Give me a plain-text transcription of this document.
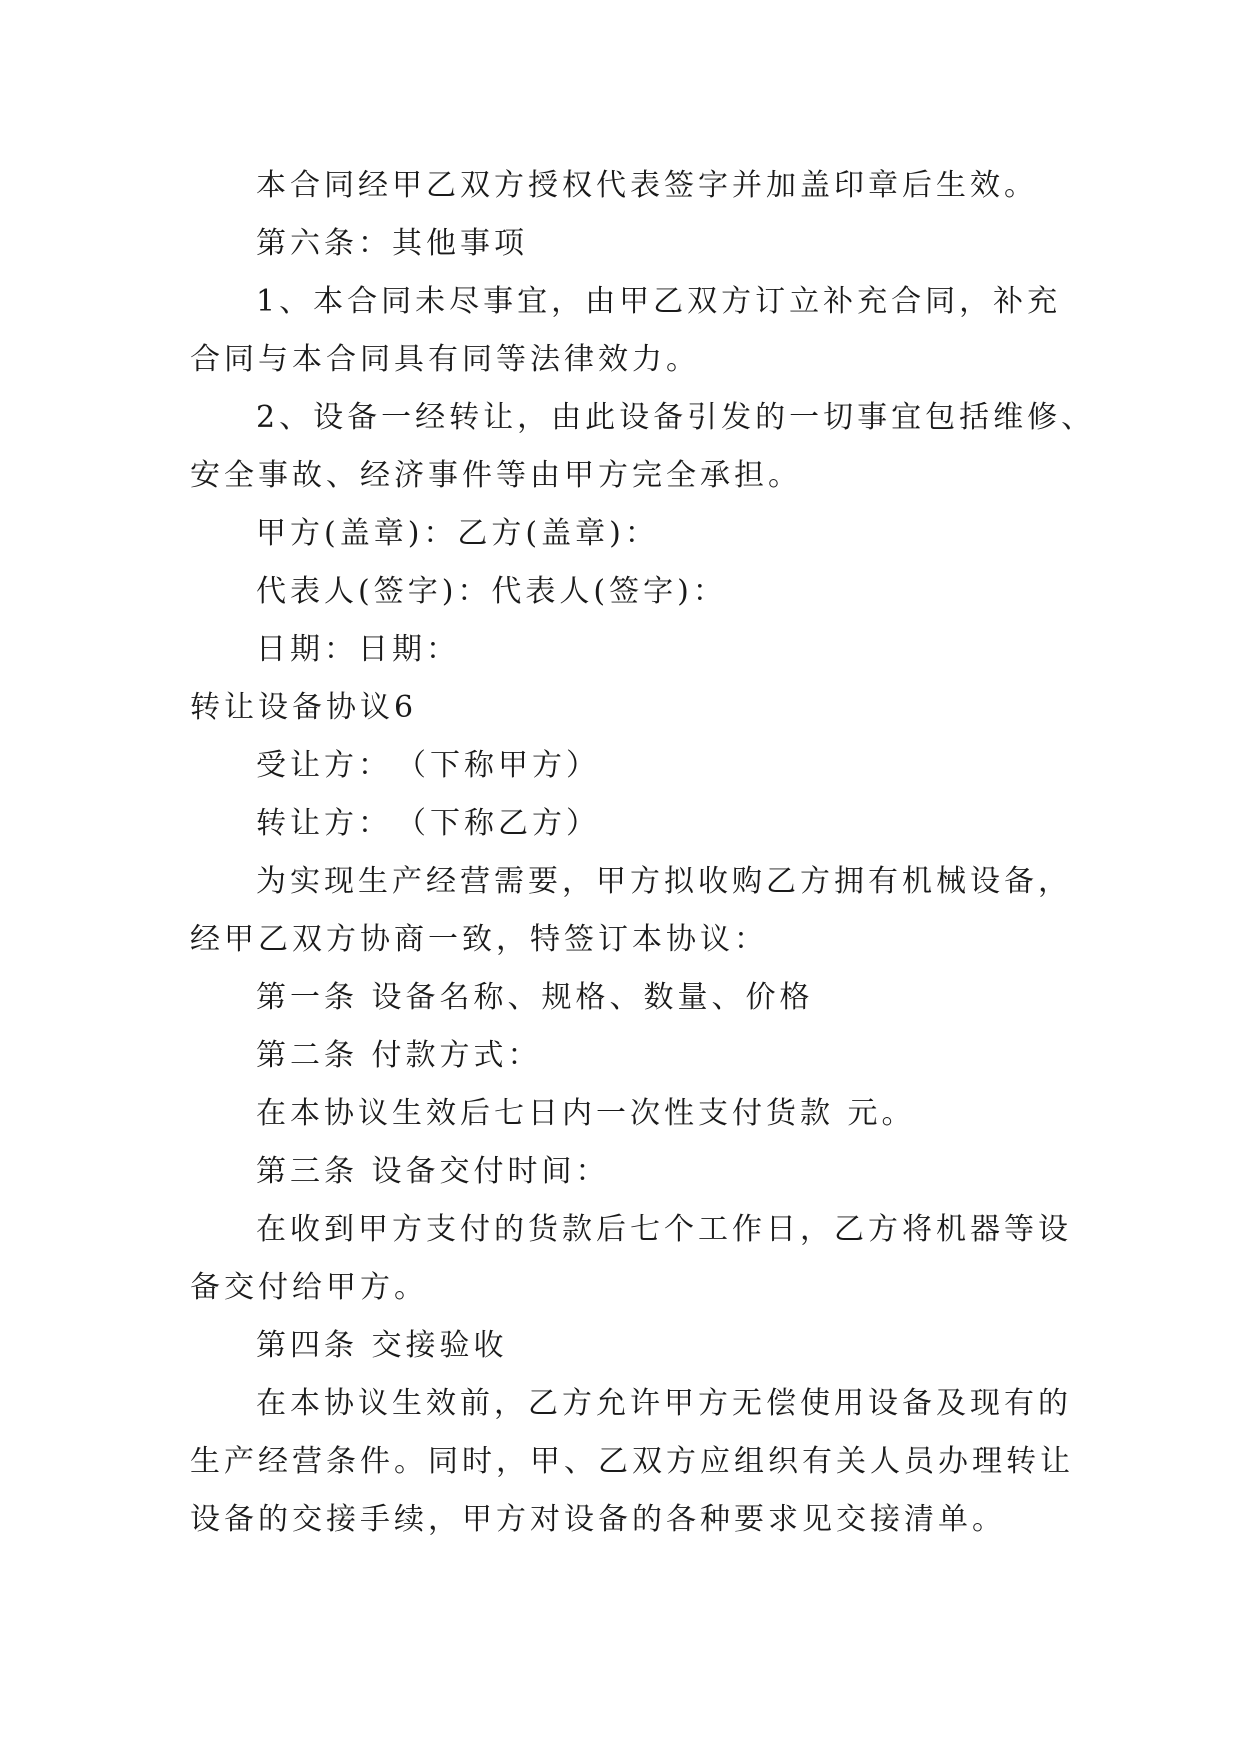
本合同经甲乙双方授权代表签字并加盖印章后生效。
第六条：其他事项
1、本合同未尽事宜，由甲乙双方订立补充合同，补充
合同与本合同具有同等法律效力。
2、设备一经转让，由此设备引发的一切事宜包括维修、
安全事故、经济事件等由甲方完全承担。
甲方(盖章)：乙方(盖章)：
代表人(签字)：代表人(签字)：
日期：日期：
转让设备协议6
受让方：　（下称甲方）
转让方：　（下称乙方）
为实现生产经营需要，甲方拟收购乙方拥有机械设备，
经甲乙双方协商一致，特签订本协议：
第一条 设备名称、规格、数量、价格
第二条 付款方式：
在本协议生效后七日内一次性支付货款 元。
第三条 设备交付时间：
在收到甲方支付的货款后七个工作日，乙方将机器等设
备交付给甲方。
第四条 交接验收
在本协议生效前，乙方允许甲方无偿使用设备及现有的
生产经营条件。同时，甲、乙双方应组织有关人员办理转让
设备的交接手续，甲方对设备的各种要求见交接清单。
